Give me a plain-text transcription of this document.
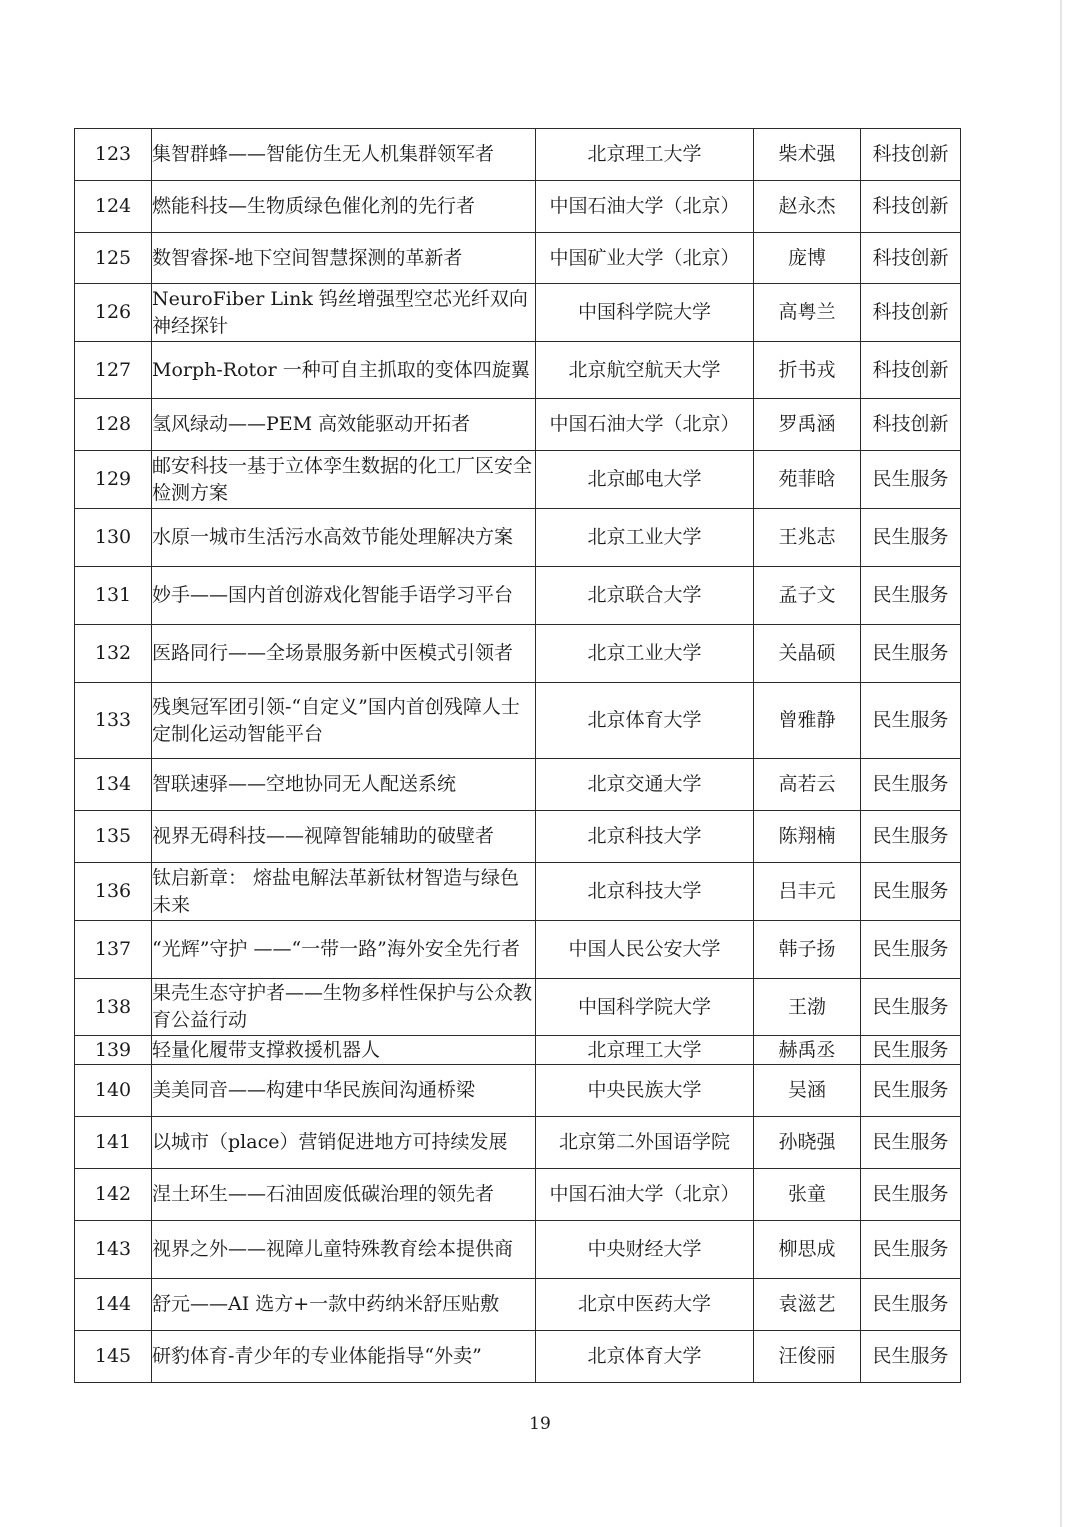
123	集智群蜂——智能仿生无人机集群领军者	北京理工大学	柴术强	科技创新
124	燃能科技—生物质绿色催化剂的先行者	中国石油大学（北京）	赵永杰	科技创新
125	数智睿探-地下空间智慧探测的革新者	中国矿业大学（北京）	庞博	科技创新
126	NeuroFiber Link 钨丝增强型空芯光纤双向神经探针	中国科学院大学	高粤兰	科技创新
127	Morph-Rotor 一种可自主抓取的变体四旋翼	北京航空航天大学	折书戎	科技创新
128	氢风绿动——PEM 高效能驱动开拓者	中国石油大学（北京）	罗禹涵	科技创新
129	邮安科技一基于立体孪生数据的化工厂区安全检测方案	北京邮电大学	苑菲晗	民生服务
130	水原一城市生活污水高效节能处理解决方案	北京工业大学	王兆志	民生服务
131	妙手——国内首创游戏化智能手语学习平台	北京联合大学	孟子文	民生服务
132	医路同行——全场景服务新中医模式引领者	北京工业大学	关晶硕	民生服务
133	残奥冠军团引领-“自定义”国内首创残障人士定制化运动智能平台	北京体育大学	曾雅静	民生服务
134	智联速驿——空地协同无人配送系统	北京交通大学	高若云	民生服务
135	视界无碍科技——视障智能辅助的破壁者	北京科技大学	陈翔楠	民生服务
136	钛启新章： 熔盐电解法革新钛材智造与绿色未来	北京科技大学	吕丰元	民生服务
137	“光辉”守护 ——“一带一路”海外安全先行者	中国人民公安大学	韩子扬	民生服务
138	果壳生态守护者——生物多样性保护与公众教育公益行动	中国科学院大学	王渤	民生服务
139	轻量化履带支撑救援机器人	北京理工大学	赫禹丞	民生服务
140	美美同音——构建中华民族间沟通桥梁	中央民族大学	吴涵	民生服务
141	以城市（place）营销促进地方可持续发展	北京第二外国语学院	孙晓强	民生服务
142	涅土环生——石油固废低碳治理的领先者	中国石油大学（北京）	张童	民生服务
143	视界之外——视障儿童特殊教育绘本提供商	中央财经大学	柳思成	民生服务
144	舒元——AI 选方+一款中药纳米舒压贴敷	北京中医药大学	袁滋艺	民生服务
145	研豹体育-青少年的专业体能指导“外卖”	北京体育大学	汪俊丽	民生服务
19
